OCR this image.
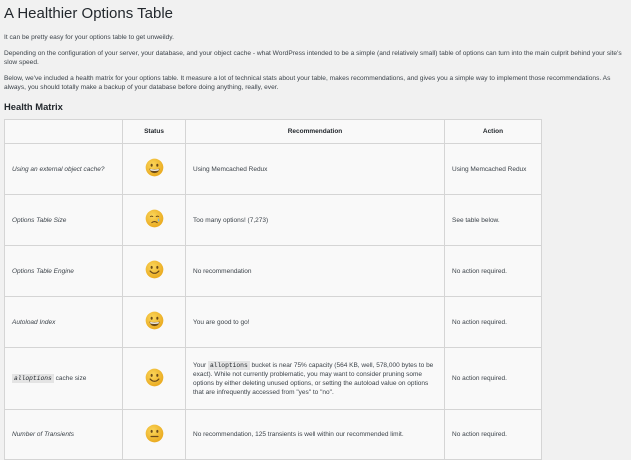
A Healthier Options Table

It can be pretty easy for your options table to get unweildy.

Depending on the configuration of your server, your database, and your object cache - what WordPress intended to be a simple (and relatively small) table of options can turn into the main culprit behind your site's slow speed.

Below, we've included a health matrix for your options table. It measure a lot of technical stats about your table, makes recommendations, and gives you a simple way to implement those recommendations. As always, you should totally make a backup of your database before doing anything, really, ever.

Health Matrix
	Status	Recommendation	Action
Using an external object cache?		Using Memcached Redux	Using Memcached Redux
Options Table Size		Too many options! (7,273)	See table below.
Options Table Engine		No recommendation	No action required.
Autoload Index		You are good to go!	No action required.
alloptions cache size		Your alloptions bucket is near 75% capacity (564 KB, well, 578,000 bytes to be exact). While not currently problematic, you may want to consider pruning some options by either deleting unused options, or setting the autoload value on options that are infrequently accessed from "yes" to "no".	No action required.
Number of Transients		No recommendation, 125 transients is well within our recommended limit.	No action required.
